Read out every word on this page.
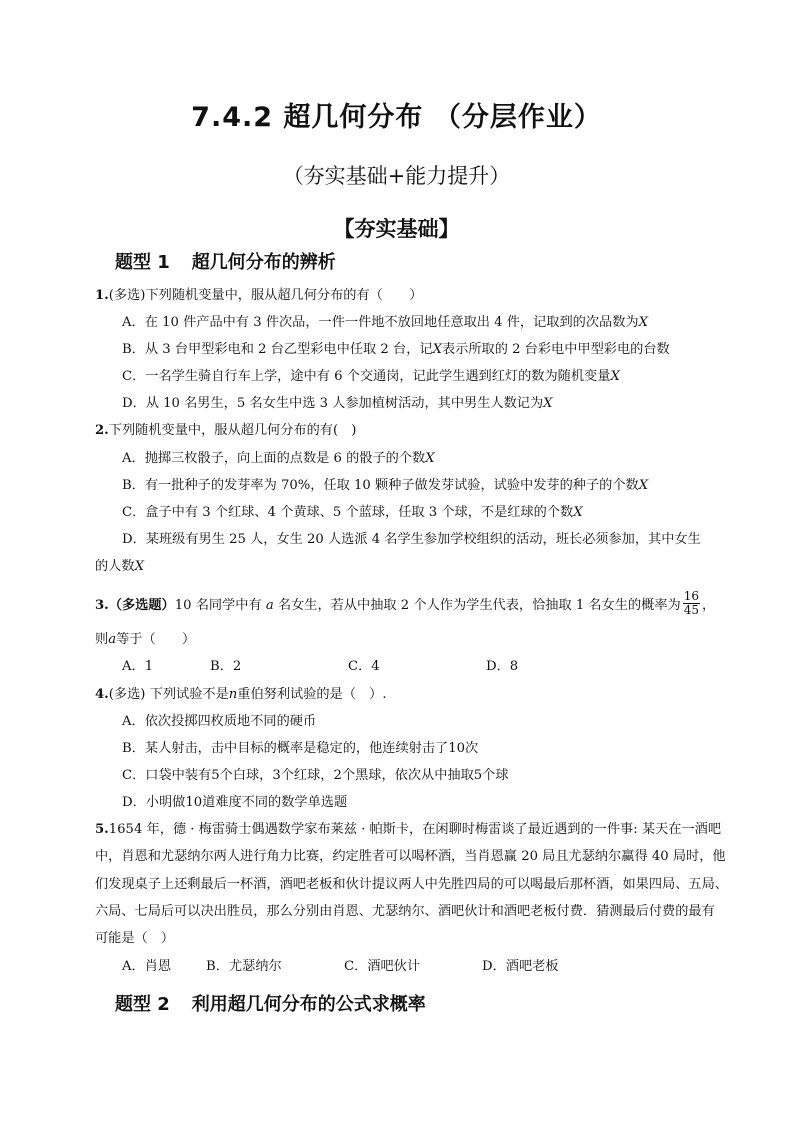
7.4.2 超几何分布 （分层作业）
（夯实基础+能力提升）
【夯实基础】
题型 1 超几何分布的辨析
1.(多选)下列随机变量中，服从超几何分布的有（　　）
A．在 10 件产品中有 3 件次品，一件一件地不放回地任意取出 4 件，记取到的次品数为X
B．从 3 台甲型彩电和 2 台乙型彩电中任取 2 台，记X表示所取的 2 台彩电中甲型彩电的台数
C．一名学生骑自行车上学，途中有 6 个交通岗，记此学生遇到红灯的数为随机变量X
D．从 10 名男生，5 名女生中选 3 人参加植树活动，其中男生人数记为X
2.下列随机变量中，服从超几何分布的有(　)
A．抛掷三枚骰子，向上面的点数是 6 的骰子的个数X
B．有一批种子的发芽率为 70%，任取 10 颗种子做发芽试验，试验中发芽的种子的个数X
C．盒子中有 3 个红球、4 个黄球、5 个蓝球，任取 3 个球，不是红球的个数X
D．某班级有男生 25 人，女生 20 人选派 4 名学生参加学校组织的活动，班长必须参加，其中女生
的人数X
3.（多选题）10 名同学中有 a 名女生，若从中抽取 2 个人作为学生代表，恰抽取 1 名女生的概率为 $\frac{16}{45}$ ，
则a等于（　　）
A．1	B．2	C．4	D．8
4.(多选) 下列试验不是n重伯努利试验的是（　）.
A．依次投掷四枚质地不同的硬币
B．某人射击，击中目标的概率是稳定的，他连续射击了10次
C．口袋中装有5个白球，3个红球，2个黑球，依次从中抽取5个球
D．小明做10道难度不同的数学单选题
5.1654 年，德 · 梅雷骑士偶遇数学家布莱兹 · 帕斯卡，在闲聊时梅雷谈了最近遇到的一件事: 某天在一酒吧
中，肖恩和尤瑟纳尔两人进行角力比赛，约定胜者可以喝杯酒，当肖恩赢 20 局且尤瑟纳尔赢得 40 局时，他
们发现桌子上还剩最后一杯酒，酒吧老板和伙计提议两人中先胜四局的可以喝最后那杯酒，如果四局、五局、
六局、七局后可以决出胜员，那么分别由肖恩、尤瑟纳尔、酒吧伙计和酒吧老板付费．猜测最后付费的最有
可能是（　）
A．肖恩	B．尤瑟纳尔	C．酒吧伙计	D．酒吧老板
题型 2 利用超几何分布的公式求概率
